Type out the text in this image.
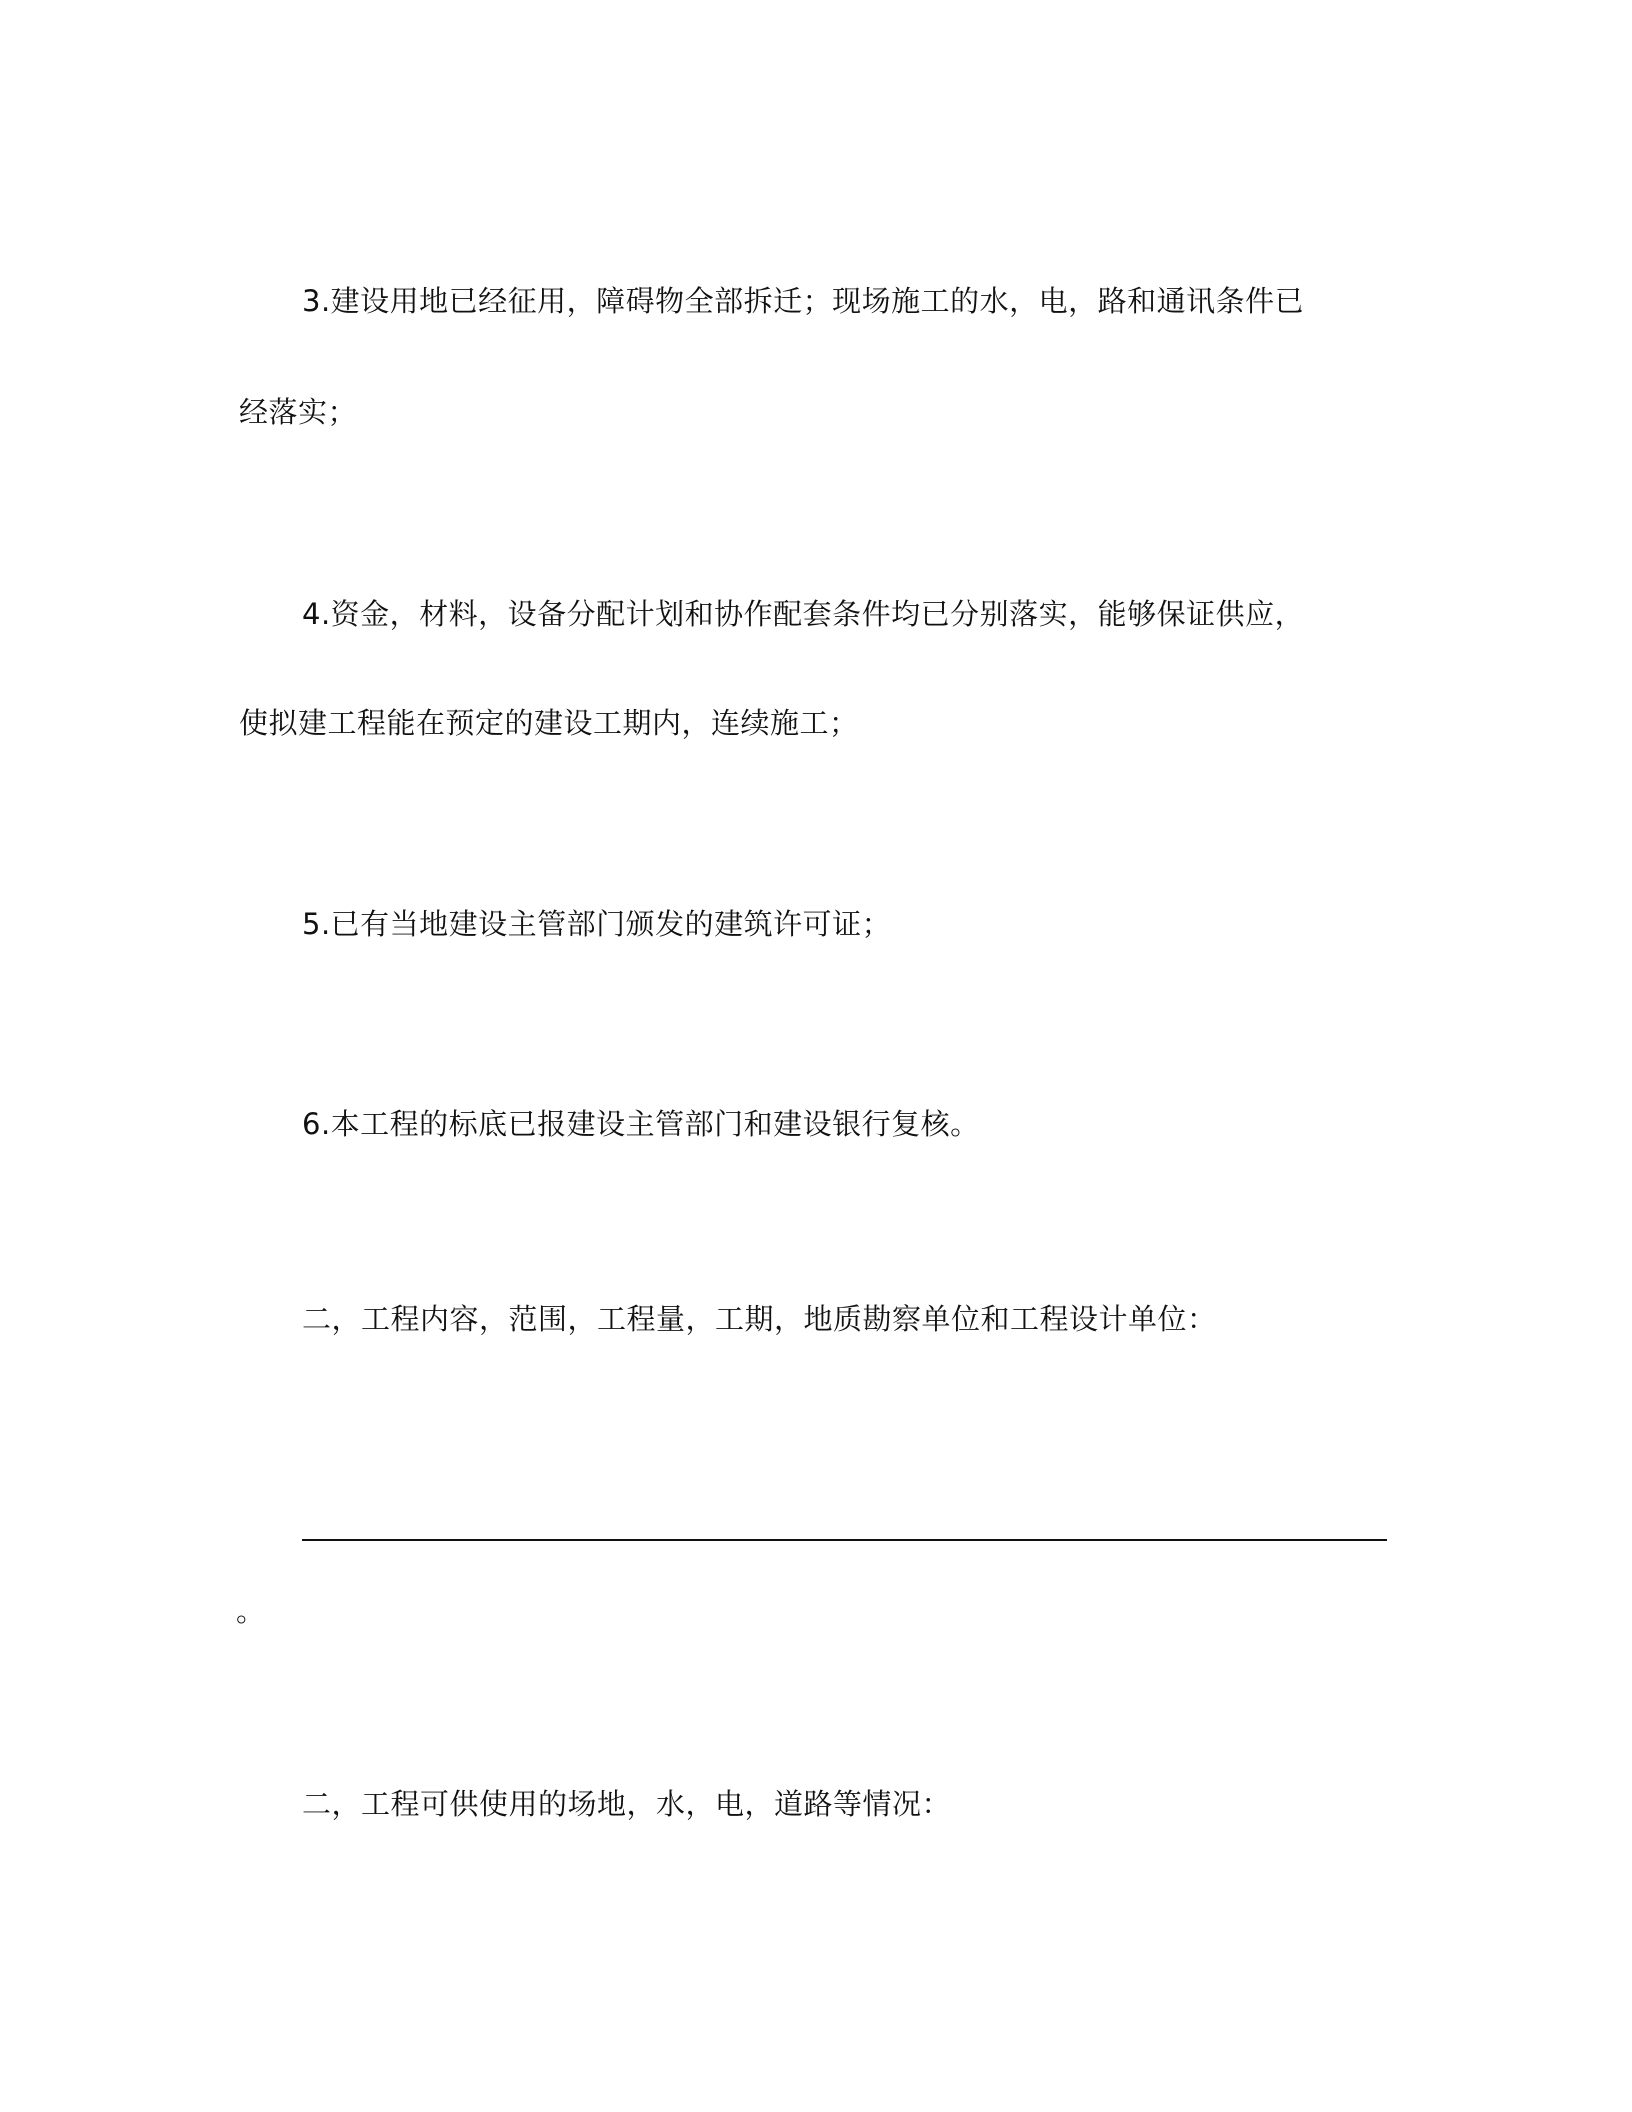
3.建设用地已经征用，障碍物全部拆迁；现场施工的水，电，路和通讯条件已
经落实；
4.资金，材料，设备分配计划和协作配套条件均已分别落实，能够保证供应，
使拟建工程能在预定的建设工期内，连续施工；
5.已有当地建设主管部门颁发的建筑许可证；
6.本工程的标底已报建设主管部门和建设银行复核。
二，工程内容，范围，工程量，工期，地质勘察单位和工程设计单位：
。
二，工程可供使用的场地，水，电，道路等情况：
